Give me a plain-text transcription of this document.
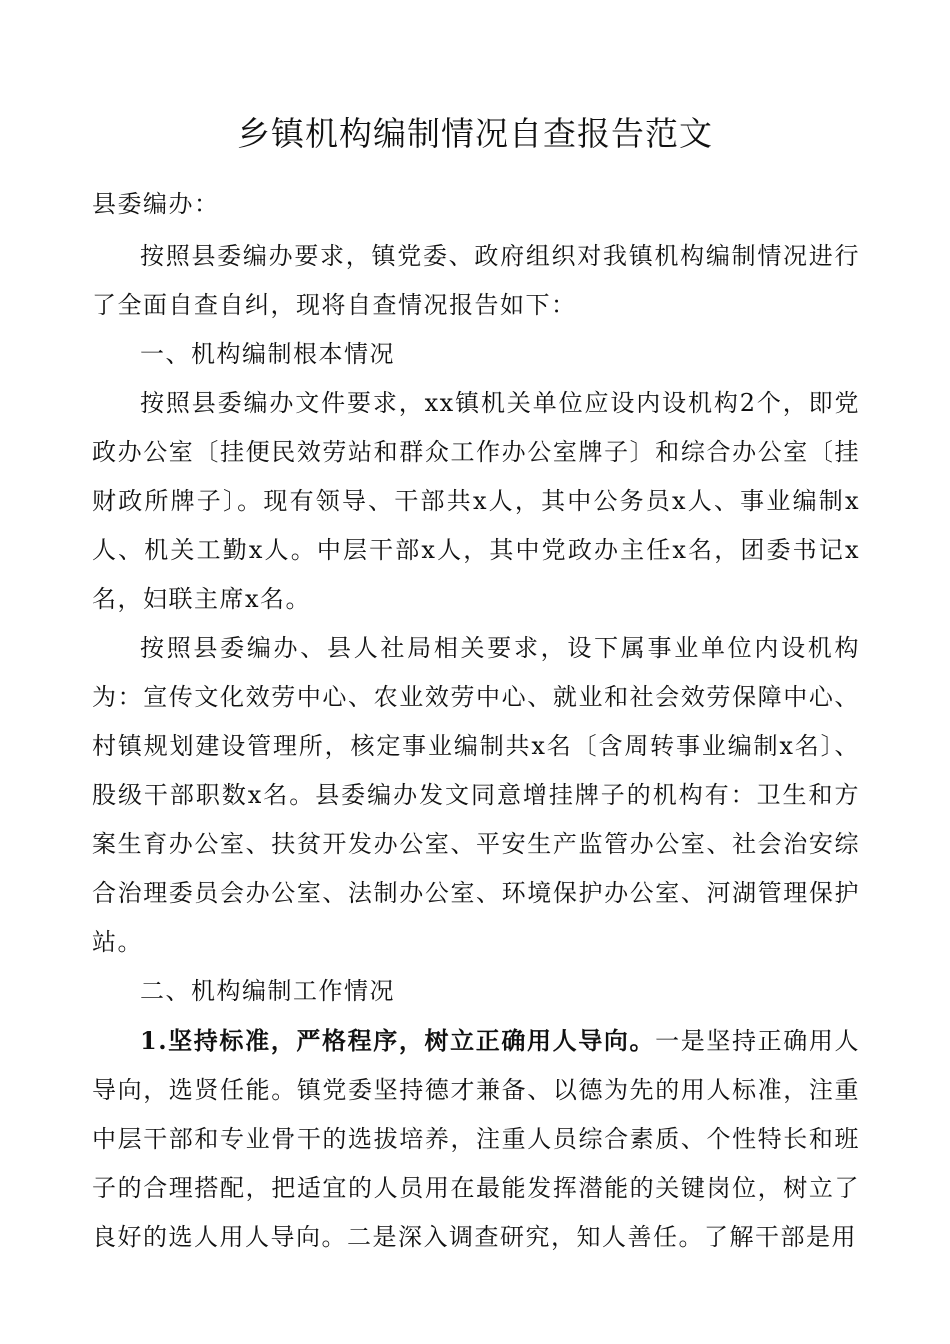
乡镇机构编制情况自查报告范文

县委编办：

按照县委编办要求，镇党委、政府组织对我镇机构编制情况进行了全面自查自纠，现将自查情况报告如下：

一、机构编制根本情况

按照县委编办文件要求，xx镇机关单位应设内设机构2个，即党政办公室〔挂便民效劳站和群众工作办公室牌子〕和综合办公室〔挂财政所牌子〕。现有领导、干部共x人，其中公务员x人、事业编制x人、机关工勤x人。中层干部x人，其中党政办主任x名，团委书记x名，妇联主席x名。

按照县委编办、县人社局相关要求，设下属事业单位内设机构为：宣传文化效劳中心、农业效劳中心、就业和社会效劳保障中心、村镇规划建设管理所，核定事业编制共x名〔含周转事业编制x名〕、股级干部职数x名。县委编办发文同意增挂牌子的机构有：卫生和方案生育办公室、扶贫开发办公室、平安生产监管办公室、社会治安综合治理委员会办公室、法制办公室、环境保护办公室、河湖管理保护站。

二、机构编制工作情况

1.坚持标准，严格程序，树立正确用人导向。一是坚持正确用人导向，选贤任能。镇党委坚持德才兼备、以德为先的用人标准，注重中层干部和专业骨干的选拔培养，注重人员综合素质、个性特长和班子的合理搭配，把适宜的人员用在最能发挥潜能的关键岗位，树立了良好的选人用人导向。二是深入调查研究，知人善任。了解干部是用
